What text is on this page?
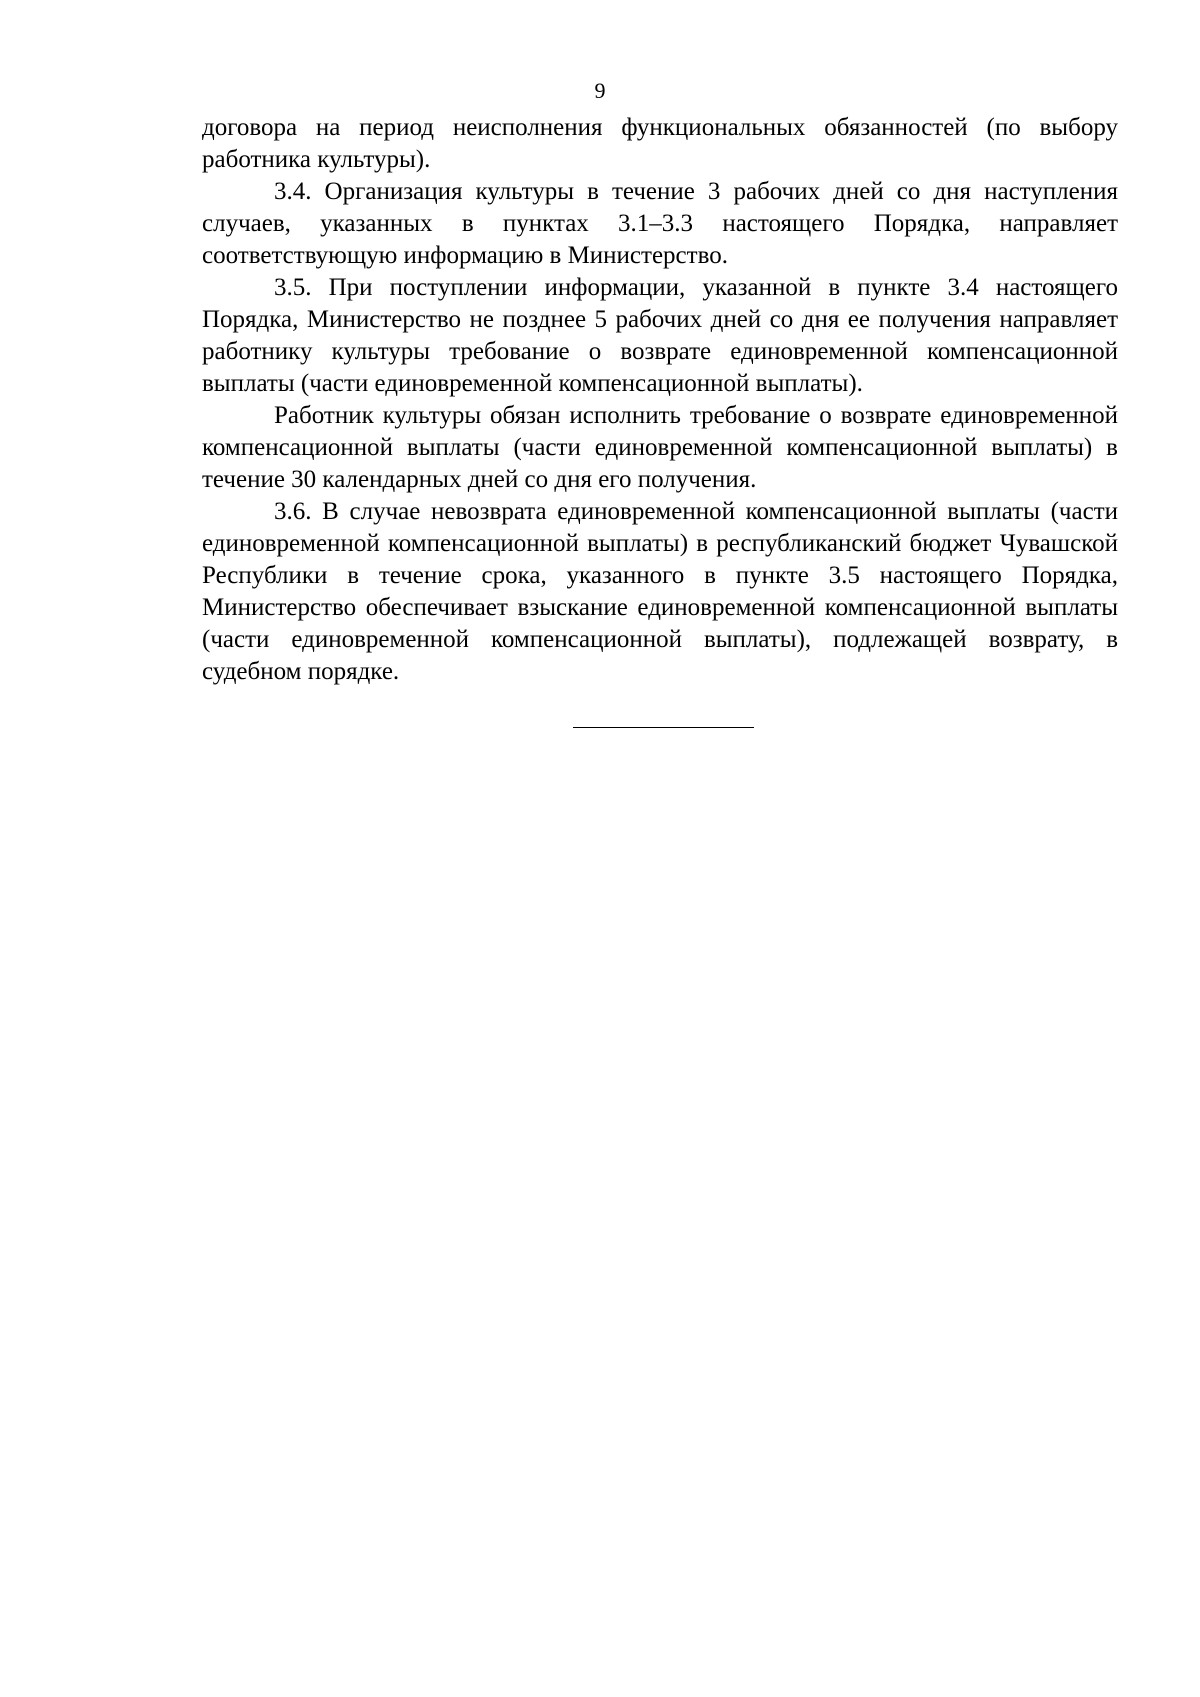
9

договора на период неисполнения функциональных обязанностей (по выбору работника культуры).

3.4. Организация культуры в течение 3 рабочих дней со дня наступления случаев, указанных в пунктах 3.1–3.3 настоящего Порядка, направляет соответствующую информацию в Министерство.

3.5. При поступлении информации, указанной в пункте 3.4 настоящего Порядка, Министерство не позднее 5 рабочих дней со дня ее получения направляет работнику культуры требование о возврате единовременной компенсационной выплаты (части единовременной компенсационной выплаты).

Работник культуры обязан исполнить требование о возврате единовременной компенсационной выплаты (части единовременной компенсационной выплаты) в течение 30 календарных дней со дня его получения.

3.6. В случае невозврата единовременной компенсационной выплаты (части единовременной компенсационной выплаты) в республиканский бюджет Чувашской Республики в течение срока, указанного в пункте 3.5 настоящего Порядка, Министерство обеспечивает взыскание единовременной компенсационной выплаты (части единовременной компенсационной выплаты), подлежащей возврату, в судебном порядке.
